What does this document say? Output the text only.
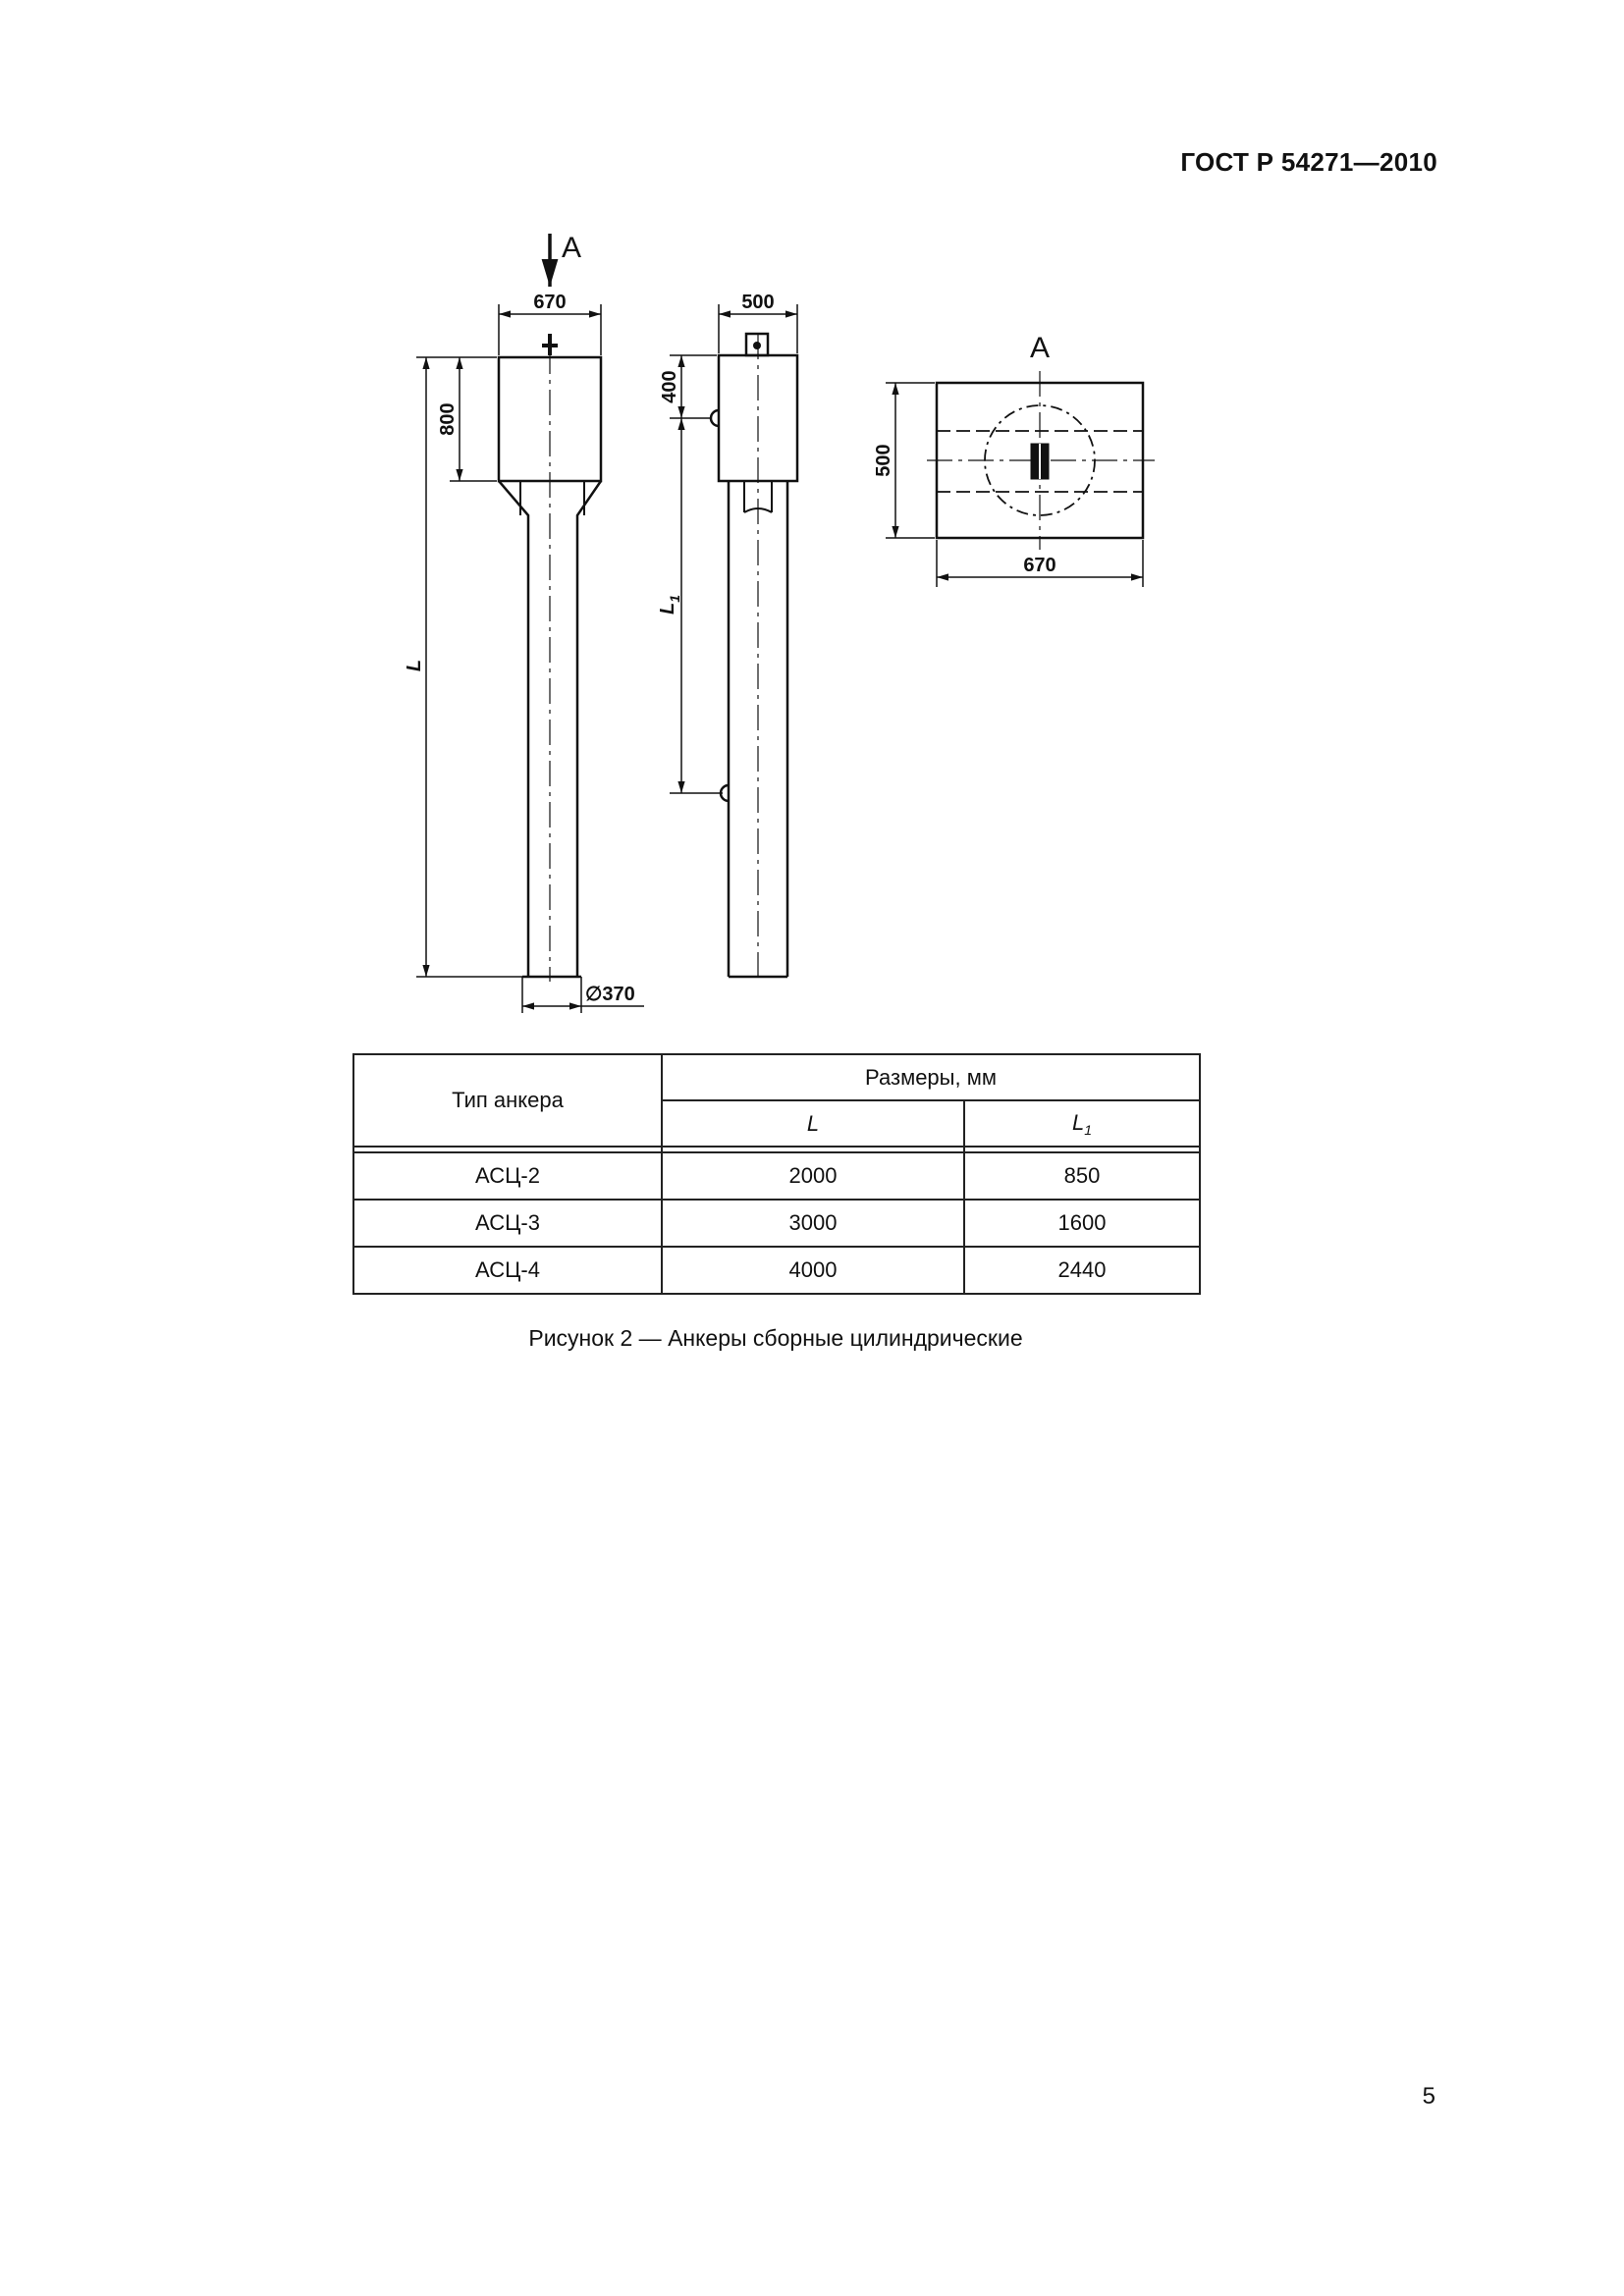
ГОСТ Р 54271—2010
А
670
800
L
∅370
500
400
$L_1$
А
500
670
Тип анкера	Размеры, мм	
	L	$L_1$

АСЦ-2	2000	850
АСЦ-3	3000	1600
АСЦ-4	4000	2440
Рисунок 2 — Анкеры сборные цилиндрические
5
